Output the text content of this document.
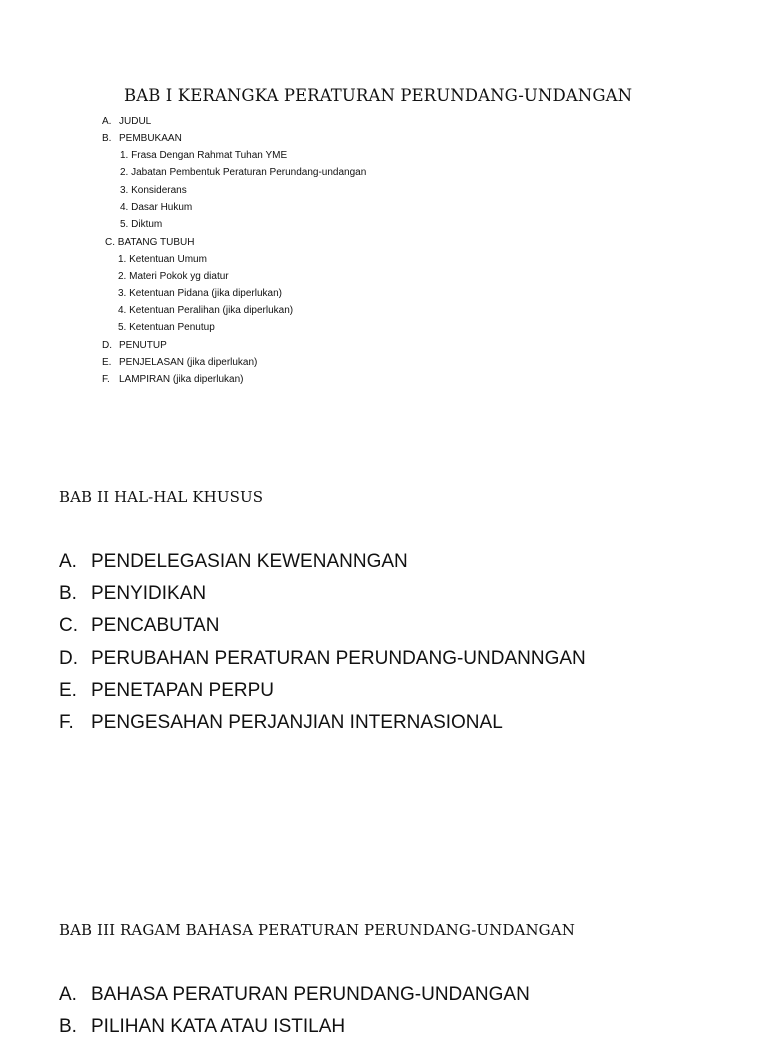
BAB I KERANGKA PERATURAN PERUNDANG-UNDANGAN
A. JUDUL
B. PEMBUKAAN
1. Frasa Dengan Rahmat Tuhan YME
2. Jabatan Pembentuk Peraturan Perundang-undangan
3. Konsiderans
4. Dasar Hukum
5. Diktum
C. BATANG TUBUH
1. Ketentuan Umum
2. Materi Pokok yg diatur
3. Ketentuan Pidana (jika diperlukan)
4. Ketentuan Peralihan (jika diperlukan)
5. Ketentuan Penutup
D. PENUTUP
E. PENJELASAN (jika diperlukan)
F. LAMPIRAN (jika diperlukan)
BAB II HAL-HAL KHUSUS
A. PENDELEGASIAN KEWENANNGAN
B. PENYIDIKAN
C. PENCABUTAN
D. PERUBAHAN PERATURAN PERUNDANG-UNDANNGAN
E. PENETAPAN PERPU
F. PENGESAHAN PERJANJIAN INTERNASIONAL
BAB III RAGAM BAHASA PERATURAN PERUNDANG-UNDANGAN
A. BAHASA PERATURAN PERUNDANG-UNDANGAN
B. PILIHAN KATA ATAU ISTILAH
